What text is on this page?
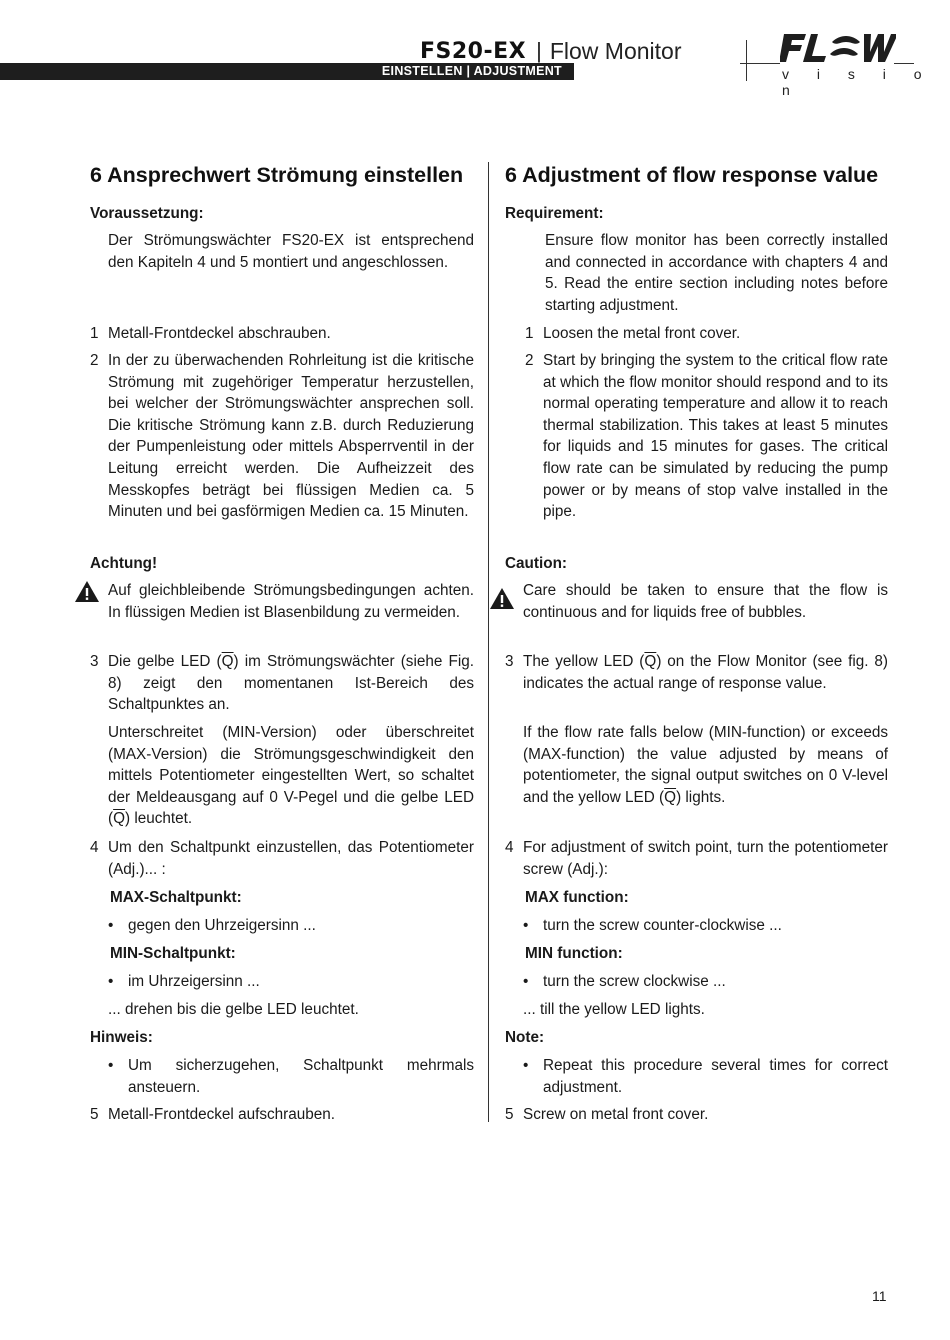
FS20-EX | Flow Monitor
EINSTELLEN | ADJUSTMENT	v i s i o n
6 Ansprechwert Strömung einstellen
Voraussetzung:
Der Strömungswächter FS20-EX ist entsprechend den Kapiteln 4 und 5 montiert und angeschlossen.
1 Metall-Frontdeckel abschrauben.
2 In der zu überwachenden Rohrleitung ist die kritische Strömung mit zugehöriger Temperatur herzustellen, bei welcher der Strömungswächter ansprechen soll. Die kritische Strömung kann z.B. durch Reduzierung der Pumpenleistung oder mittels Absperrventil in der Leitung erreicht werden. Die Aufheizzeit des Messkopfes beträgt bei flüssigen Medien ca. 5 Minuten und bei gasförmigen Medien ca. 15 Minuten.
Achtung!
Auf gleichbleibende Strömungsbedingungen achten. In flüssigen Medien ist Blasenbildung zu vermeiden.
3 Die gelbe LED $(\overline{Q})$ im Strömungswächter (siehe Fig. 8) zeigt den momentanen Ist-Bereich des Schaltpunktes an.
Unterschreitet (MIN-Version) oder überschreitet (MAX-Version) die Strömungsgeschwindigkeit den mittels Potentiometer eingestellten Wert, so schaltet der Meldeausgang auf 0 V-Pegel und die gelbe LED $(\overline{Q})$ leuchtet.
4 Um den Schaltpunkt einzustellen, das Potentiometer (Adj.)... :
MAX-Schaltpunkt:
• gegen den Uhrzeigersinn ...
MIN-Schaltpunkt:
• im Uhrzeigersinn ...
... drehen bis die gelbe LED leuchtet.
Hinweis:
• Um sicherzugehen, Schaltpunkt mehrmals ansteuern.
5 Metall-Frontdeckel aufschrauben.
6 Adjustment of flow response value
Requirement:
Ensure flow monitor has been correctly installed and connected in accordance with chapters 4 and 5. Read the entire section including notes before starting adjustment.
1 Loosen the metal front cover.
2 Start by bringing the system to the critical flow rate at which the flow monitor should respond and to its normal operating temperature and allow it to reach thermal stabilization. This takes at least 5 minutes for liquids and 15 minutes for gases. The critical flow rate can be simulated by reducing the pump power or by means of stop valve installed in the pipe.
Caution:
Care should be taken to ensure that the flow is continuous and for liquids free of bubbles.
3 The yellow LED $(\overline{Q})$ on the Flow Monitor (see fig. 8) indicates the actual range of response value.
If the flow rate falls below (MIN-function) or exceeds (MAX-function) the value adjusted by means of potentiometer, the signal output switches on 0 V-level and the yellow LED $(\overline{Q})$ lights.
4 For adjustment of switch point, turn the potentiometer screw (Adj.):
MAX function:
• turn the screw counter-clockwise ...
MIN function:
• turn the screw clockwise ...
... till the yellow LED lights.
Note:
• Repeat this procedure several times for correct adjustment.
5 Screw on metal front cover.
11
